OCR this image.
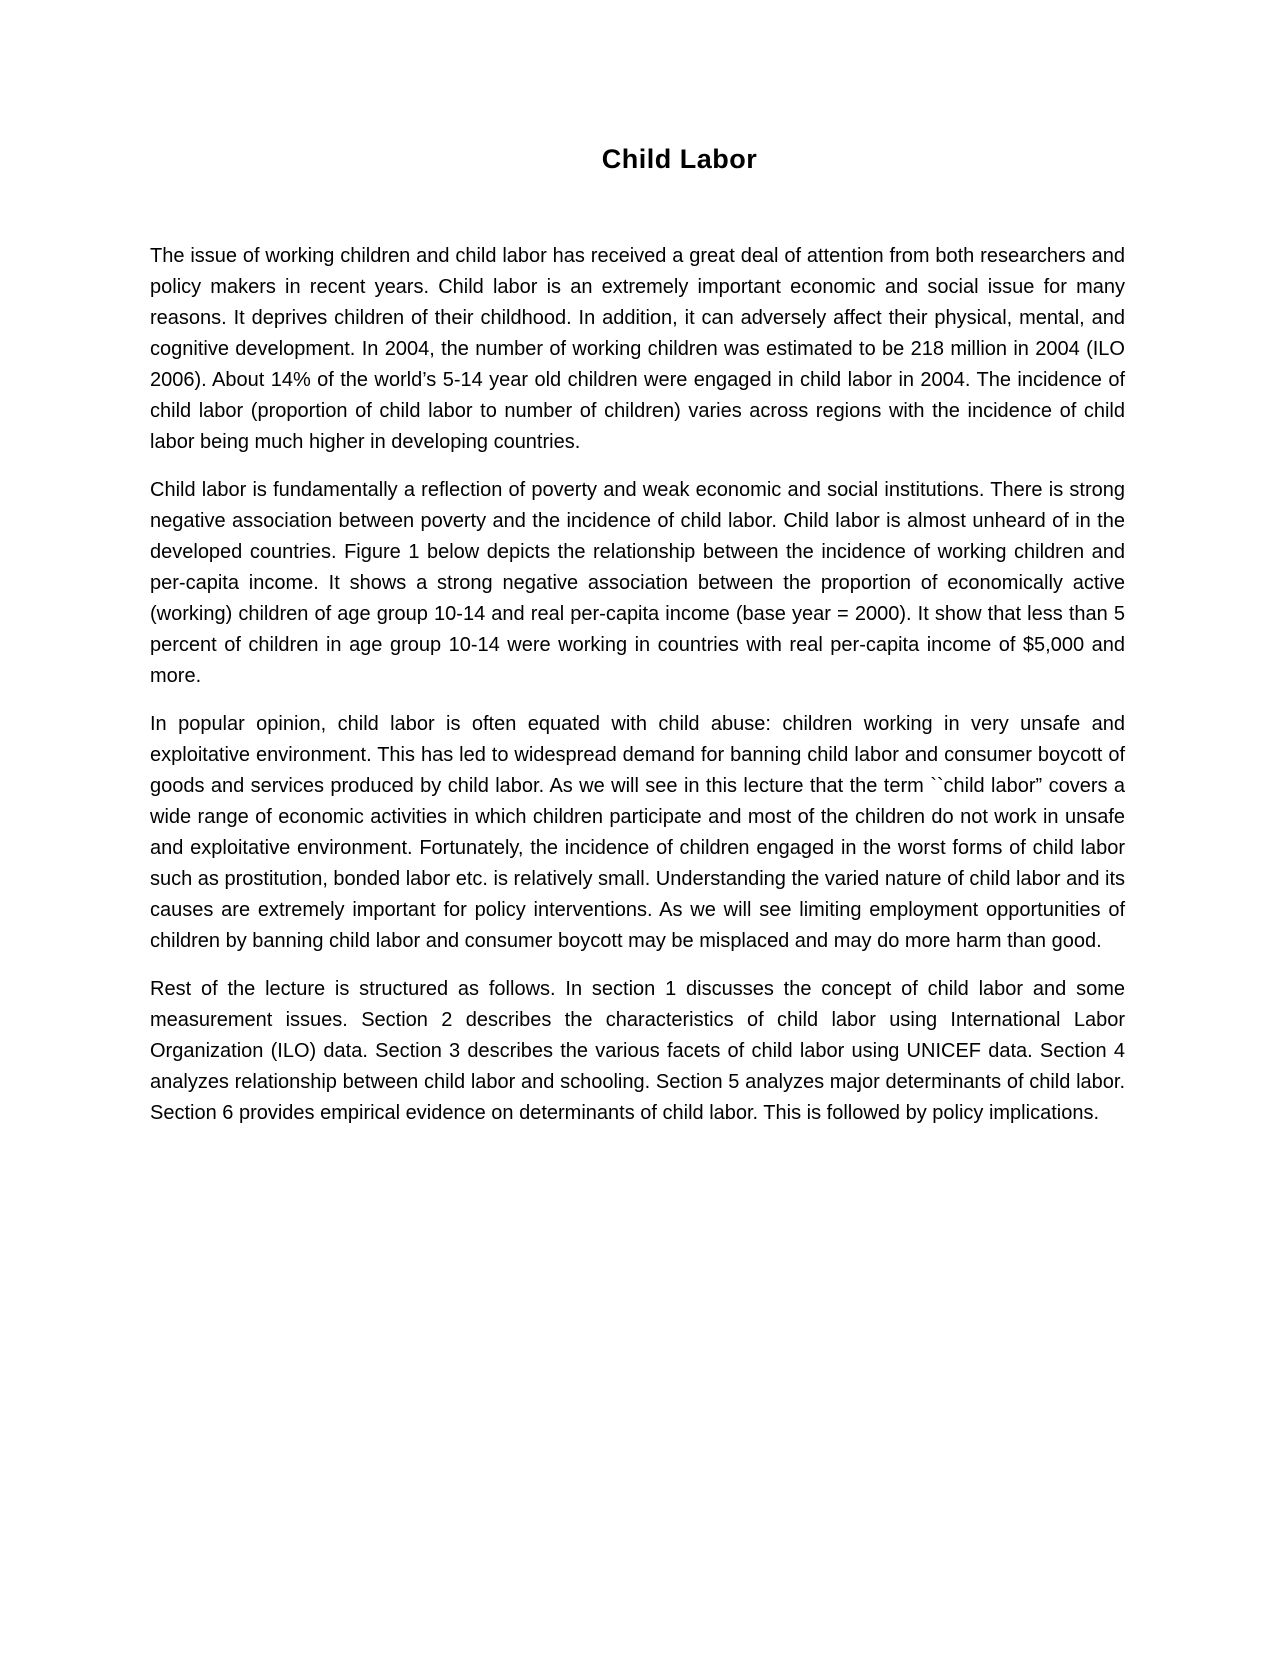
Child Labor

The issue of working children and child labor has received a great deal of attention from both researchers and policy makers in recent years. Child labor is an extremely important economic and social issue for many reasons. It deprives children of their childhood. In addition, it can adversely affect their physical, mental, and cognitive development. In 2004, the number of working children was estimated to be 218 million in 2004 (ILO 2006). About 14% of the world’s 5-14 year old children were engaged in child labor in 2004. The incidence of child labor (proportion of child labor to number of children) varies across regions with the incidence of child labor being much higher in developing countries.

Child labor is fundamentally a reflection of poverty and weak economic and social institutions. There is strong negative association between poverty and the incidence of child labor. Child labor is almost unheard of in the developed countries. Figure 1 below depicts the relationship between the incidence of working children and per-capita income. It shows a strong negative association between the proportion of economically active (working) children of age group 10-14 and real per-capita income (base year = 2000). It show that less than 5 percent of children in age group 10-14 were working in countries with real per-capita income of $5,000 and more.

In popular opinion, child labor is often equated with child abuse: children working in very unsafe and exploitative environment. This has led to widespread demand for banning child labor and consumer boycott of goods and services produced by child labor. As we will see in this lecture that the term ``child labor” covers a wide range of economic activities in which children participate and most of the children do not work in unsafe and exploitative environment. Fortunately, the incidence of children engaged in the worst forms of child labor such as prostitution, bonded labor etc. is relatively small. Understanding the varied nature of child labor and its causes are extremely important for policy interventions. As we will see limiting employment opportunities of children by banning child labor and consumer boycott may be misplaced and may do more harm than good.

Rest of the lecture is structured as follows. In section 1 discusses the concept of child labor and some measurement issues. Section 2 describes the characteristics of child labor using International Labor Organization (ILO) data. Section 3 describes the various facets of child labor using UNICEF data. Section 4 analyzes relationship between child labor and schooling. Section 5 analyzes major determinants of child labor. Section 6 provides empirical evidence on determinants of child labor. This is followed by policy implications.
